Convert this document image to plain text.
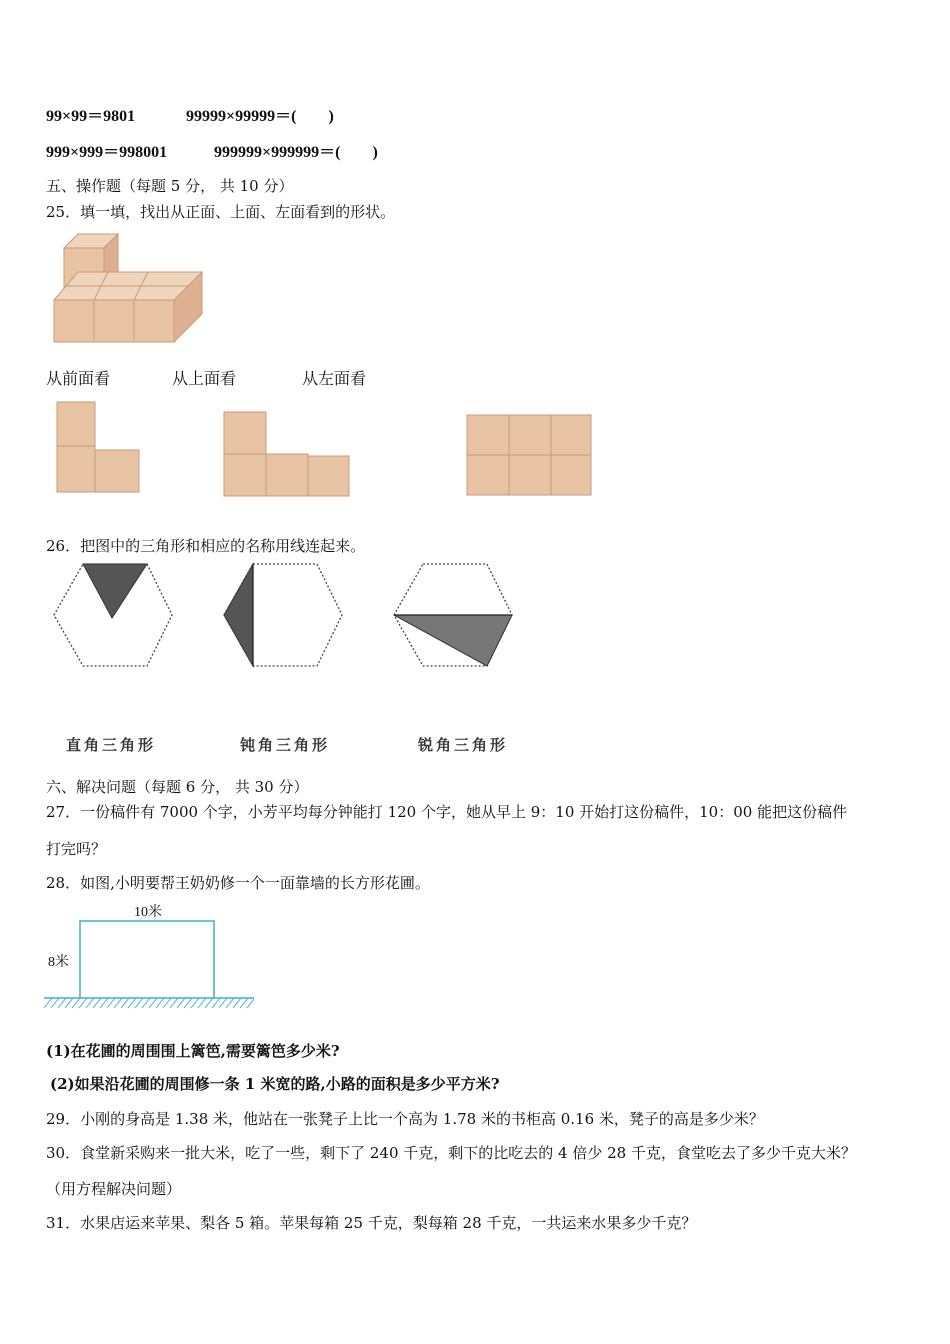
99×99＝9801	99999×99999＝(　　)
999×999＝998001	999999×999999＝(　　)
五、操作题（每题 5 分， 共 10 分）
25．填一填，找出从正面、上面、左面看到的形状。
从前面看	从上面看	从左面看
26．把图中的三角形和相应的名称用线连起来。
直角三角形	钝角三角形	锐角三角形
六、解决问题（每题 6 分， 共 30 分）
27．一份稿件有 7000 个字，小芳平均每分钟能打 120 个字，她从早上 9：10 开始打这份稿件，10：00 能把这份稿件
打完吗？
28．如图,小明要帮王奶奶修一个一面靠墙的长方形花圃。
10米
8米
(1)在花圃的周围围上篱笆,需要篱笆多少米?
(2)如果沿花圃的周围修一条 1 米宽的路,小路的面积是多少平方米?
29．小刚的身高是 1.38 米，他站在一张凳子上比一个高为 1.78 米的书柜高 0.16 米，凳子的高是多少米？
30．食堂新采购来一批大米，吃了一些，剩下了 240 千克，剩下的比吃去的 4 倍少 28 千克，食堂吃去了多少千克大米？
（用方程解决问题）
31．水果店运来苹果、梨各 5 箱。苹果每箱 25 千克，梨每箱 28 千克，一共运来水果多少千克？
